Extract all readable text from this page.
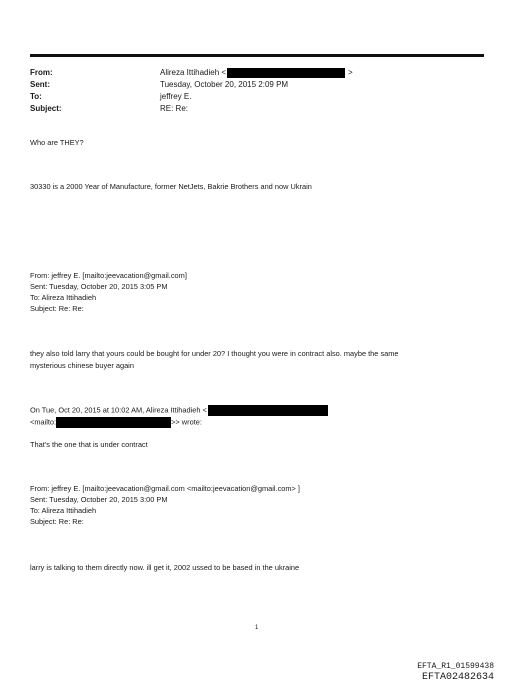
From:
Sent:
To:
Subject:
Alireza Ittihadieh <	>
Tuesday, October 20, 2015 2:09 PM
jeffrey E.
RE: Re:
Who are THEY?
30330 is a 2000 Year of Manufacture, former NetJets, Bakrie Brothers and now Ukrain
From: jeffrey E. [mailto:jeevacation@gmail.com]
Sent: Tuesday, October 20, 2015 3:05 PM
To: Alireza Ittihadieh
Subject: Re: Re:
they also told larry that yours could be bought for under 20? I thought you were in contract also. maybe the same
mysterious chinese buyer again
On Tue, Oct 20, 2015 at 10:02 AM, Alireza Ittihadieh <
<mailto:	>> wrote:
That's the one that is under contract
From: jeffrey E. [mailto:jeevacation@gmail.com <mailto:jeevacation@gmail.com> ]
Sent: Tuesday, October 20, 2015 3:00 PM
To: Alireza Ittihadieh
Subject: Re: Re:
larry is talking to them directly now. ill get it, 2002 ussed to be based in the ukraine
1
EFTA_R1_01599438
EFTA02482634
